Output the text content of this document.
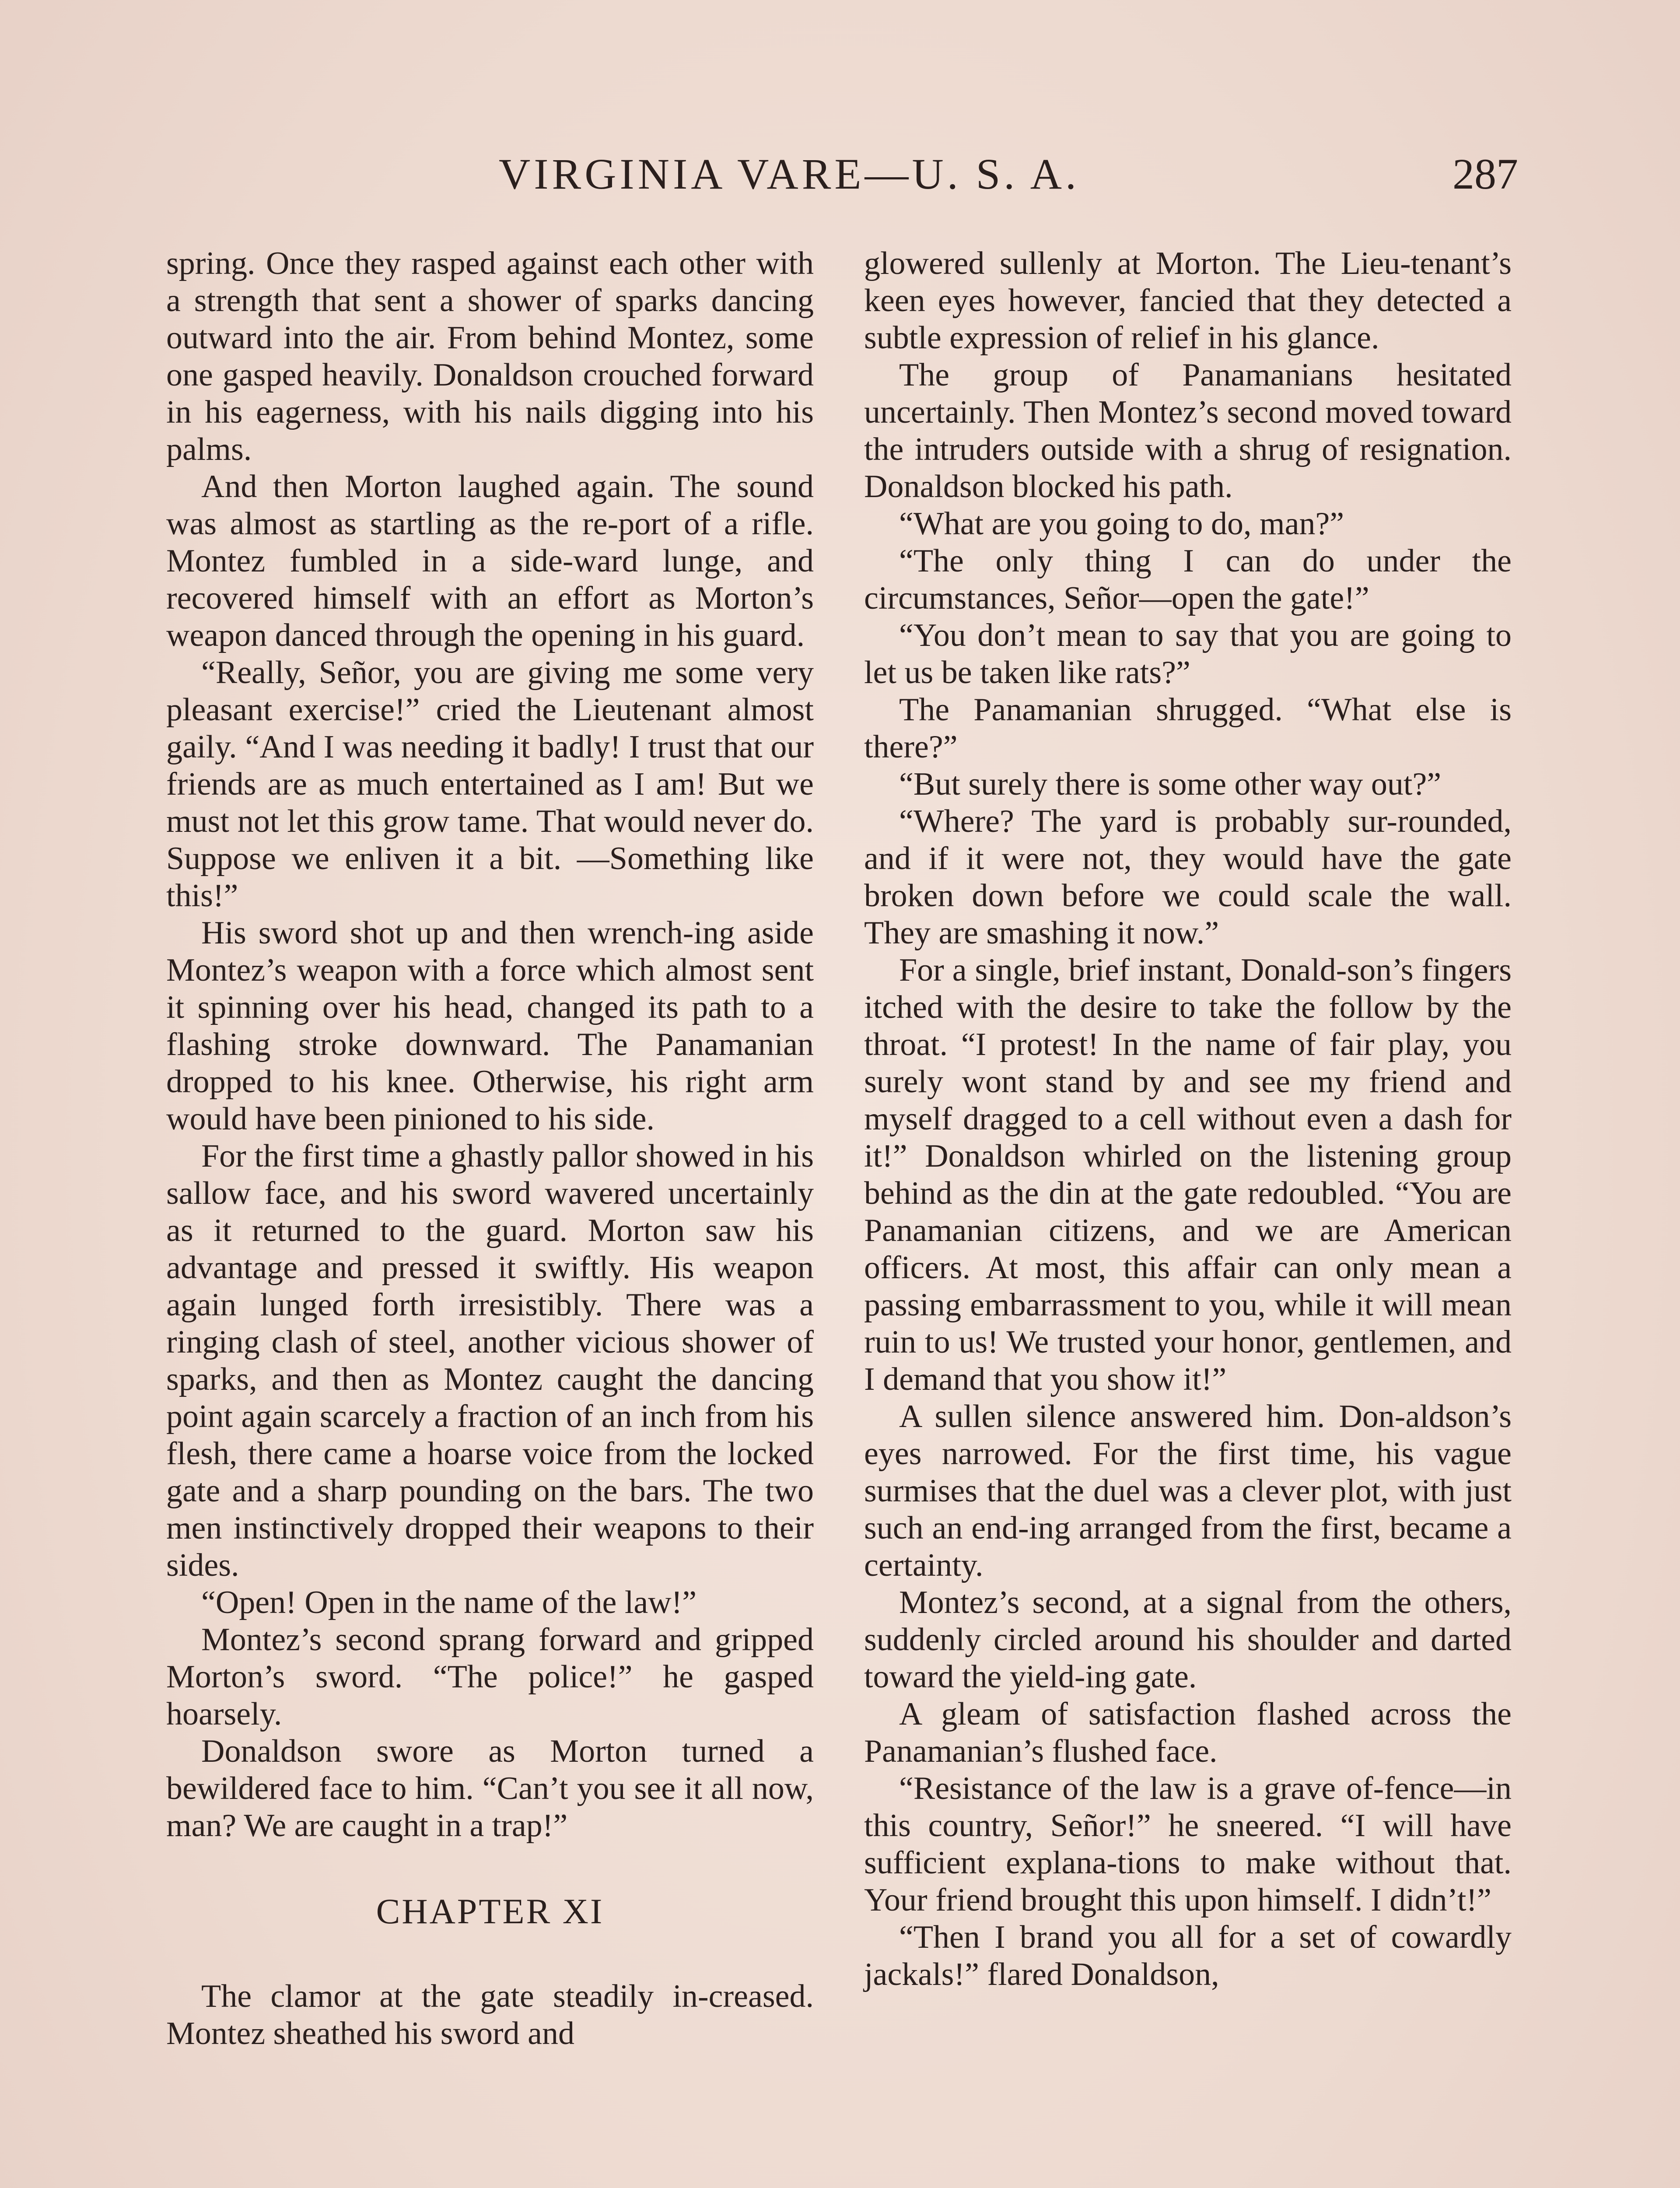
VIRGINIA VARE—U. S. A.	287

spring. Once they rasped against each other with a strength that sent a shower of sparks dancing outward into the air. From behind Montez, some one gasped heavily. Donaldson crouched forward in his eagerness, with his nails digging into his palms.

And then Morton laughed again. The sound was almost as startling as the re-port of a rifle. Montez fumbled in a side-ward lunge, and recovered himself with an effort as Morton’s weapon danced through the opening in his guard.

“Really, Señor, you are giving me some very pleasant exercise!” cried the Lieutenant almost gaily. “And I was needing it badly! I trust that our friends are as much entertained as I am! But we must not let this grow tame. That would never do. Suppose we enliven it a bit. —Something like this!”

His sword shot up and then wrench-ing aside Montez’s weapon with a force which almost sent it spinning over his head, changed its path to a flashing stroke downward. The Panamanian dropped to his knee. Otherwise, his right arm would have been pinioned to his side.

For the first time a ghastly pallor showed in his sallow face, and his sword wavered uncertainly as it returned to the guard. Morton saw his advantage and pressed it swiftly. His weapon again lunged forth irresistibly. There was a ringing clash of steel, another vicious shower of sparks, and then as Montez caught the dancing point again scarcely a fraction of an inch from his flesh, there came a hoarse voice from the locked gate and a sharp pounding on the bars. The two men instinctively dropped their weapons to their sides.

“Open! Open in the name of the law!”

Montez’s second sprang forward and gripped Morton’s sword. “The police!” he gasped hoarsely.

Donaldson swore as Morton turned a bewildered face to him. “Can’t you see it all now, man? We are caught in a trap!”

CHAPTER XI

The clamor at the gate steadily in-creased. Montez sheathed his sword and

glowered sullenly at Morton. The Lieu-tenant’s keen eyes however, fancied that they detected a subtle expression of relief in his glance.

The group of Panamanians hesitated uncertainly. Then Montez’s second moved toward the intruders outside with a shrug of resignation. Donaldson blocked his path.

“What are you going to do, man?”

“The only thing I can do under the circumstances, Señor—open the gate!”

“You don’t mean to say that you are going to let us be taken like rats?”

The Panamanian shrugged. “What else is there?”

“But surely there is some other way out?”

“Where? The yard is probably sur-rounded, and if it were not, they would have the gate broken down before we could scale the wall. They are smashing it now.”

For a single, brief instant, Donald-son’s fingers itched with the desire to take the follow by the throat. “I protest! In the name of fair play, you surely wont stand by and see my friend and myself dragged to a cell without even a dash for it!” Donaldson whirled on the listening group behind as the din at the gate redoubled. “You are Panamanian citizens, and we are American officers. At most, this affair can only mean a passing embarrassment to you, while it will mean ruin to us! We trusted your honor, gentlemen, and I demand that you show it!”

A sullen silence answered him. Don-aldson’s eyes narrowed. For the first time, his vague surmises that the duel was a clever plot, with just such an end-ing arranged from the first, became a certainty.

Montez’s second, at a signal from the others, suddenly circled around his shoulder and darted toward the yield-ing gate.

A gleam of satisfaction flashed across the Panamanian’s flushed face.

“Resistance of the law is a grave of-fence—in this country, Señor!” he sneered. “I will have sufficient explana-tions to make without that. Your friend brought this upon himself. I didn’t!”

“Then I brand you all for a set of cowardly jackals!” flared Donaldson,
